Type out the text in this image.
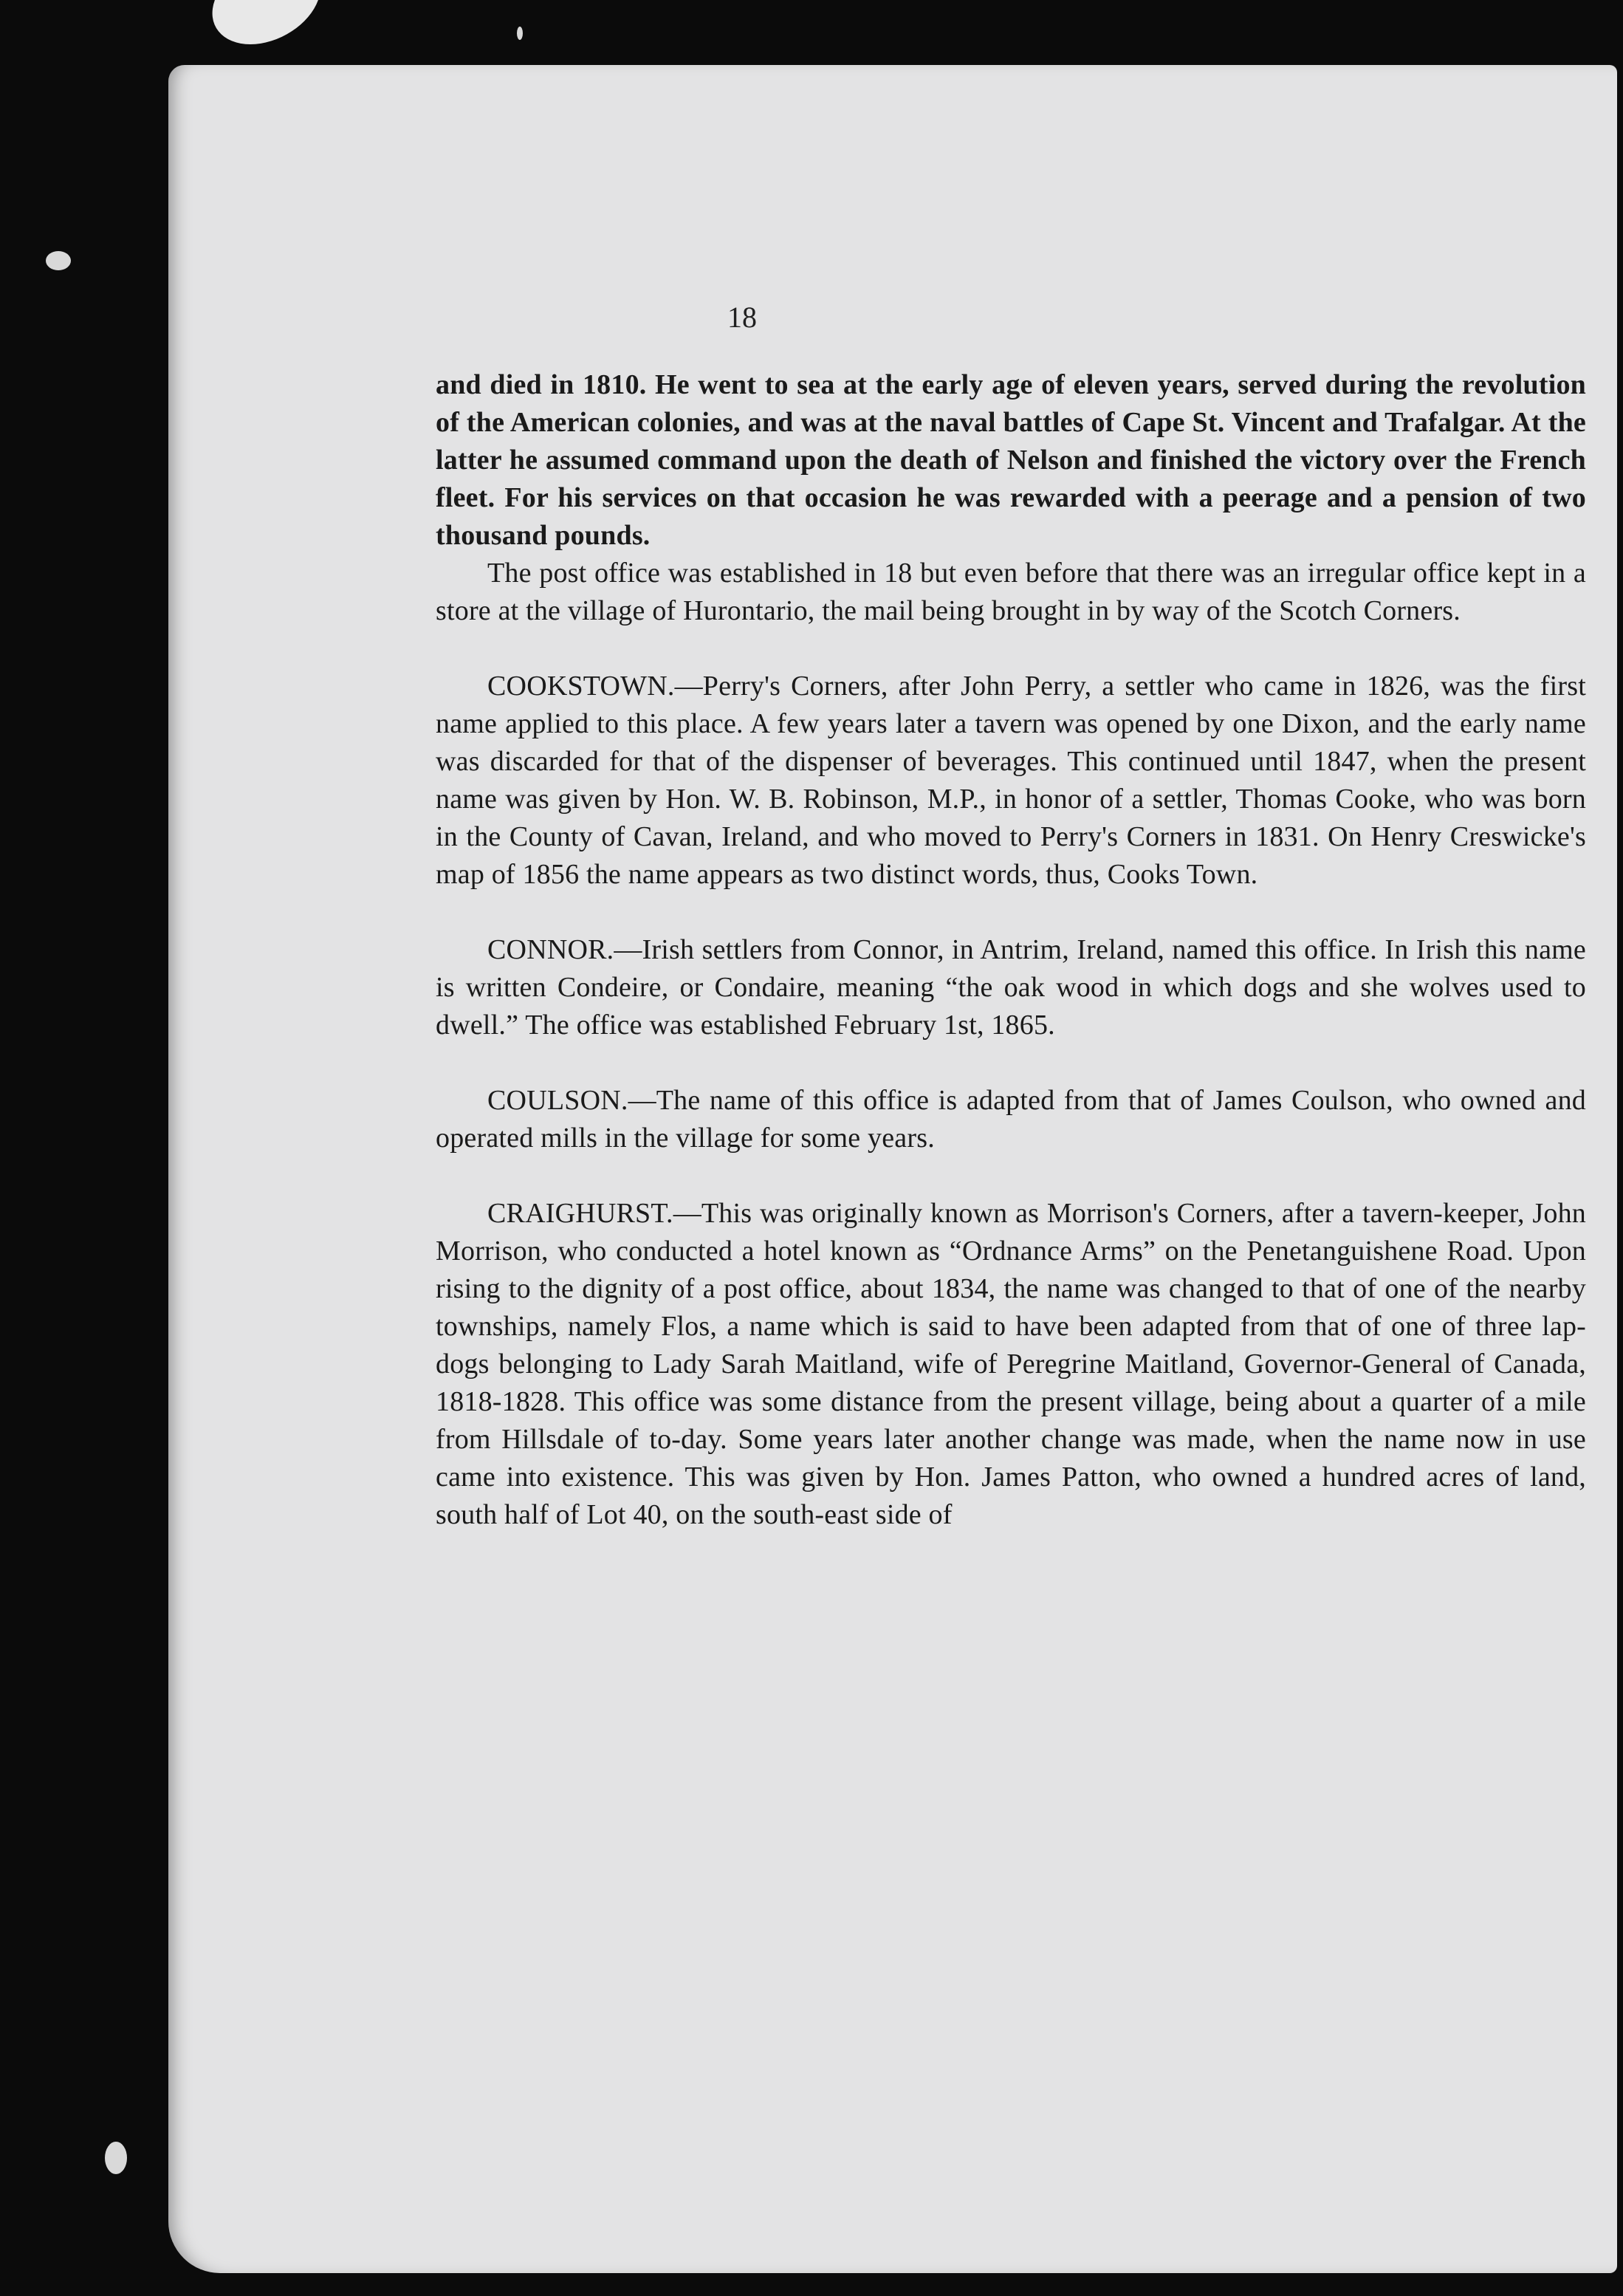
18

and died in 1810. He went to sea at the early age of eleven years, served during the revolution of the American colonies, and was at the naval battles of Cape St. Vincent and Trafalgar. At the latter he assumed command upon the death of Nelson and finished the victory over the French fleet. For his services on that occasion he was rewarded with a peerage and a pension of two thousand pounds.

The post office was established in 18 but even before that there was an irregular office kept in a store at the village of Hurontario, the mail being brought in by way of the Scotch Corners.

COOKSTOWN.—Perry's Corners, after John Perry, a settler who came in 1826, was the first name applied to this place. A few years later a tavern was opened by one Dixon, and the early name was discarded for that of the dispenser of beverages. This continued until 1847, when the present name was given by Hon. W. B. Robinson, M.P., in honor of a settler, Thomas Cooke, who was born in the County of Cavan, Ireland, and who moved to Perry's Corners in 1831. On Henry Creswicke's map of 1856 the name appears as two distinct words, thus, Cooks Town.

CONNOR.—Irish settlers from Connor, in Antrim, Ireland, named this office. In Irish this name is written Condeire, or Condaire, meaning “the oak wood in which dogs and she wolves used to dwell.” The office was established February 1st, 1865.

COULSON.—The name of this office is adapted from that of James Coulson, who owned and operated mills in the village for some years.

CRAIGHURST.—This was originally known as Morrison's Corners, after a tavern-keeper, John Morrison, who conducted a hotel known as “Ordnance Arms” on the Penetanguishene Road. Upon rising to the dignity of a post office, about 1834, the name was changed to that of one of the nearby townships, namely Flos, a name which is said to have been adapted from that of one of three lap-dogs belonging to Lady Sarah Maitland, wife of Peregrine Maitland, Governor-General of Canada, 1818-1828. This office was some distance from the present village, being about a quarter of a mile from Hillsdale of to-day. Some years later another change was made, when the name now in use came into existence. This was given by Hon. James Patton, who owned a hundred acres of land, south half of Lot 40, on the south-east side of
